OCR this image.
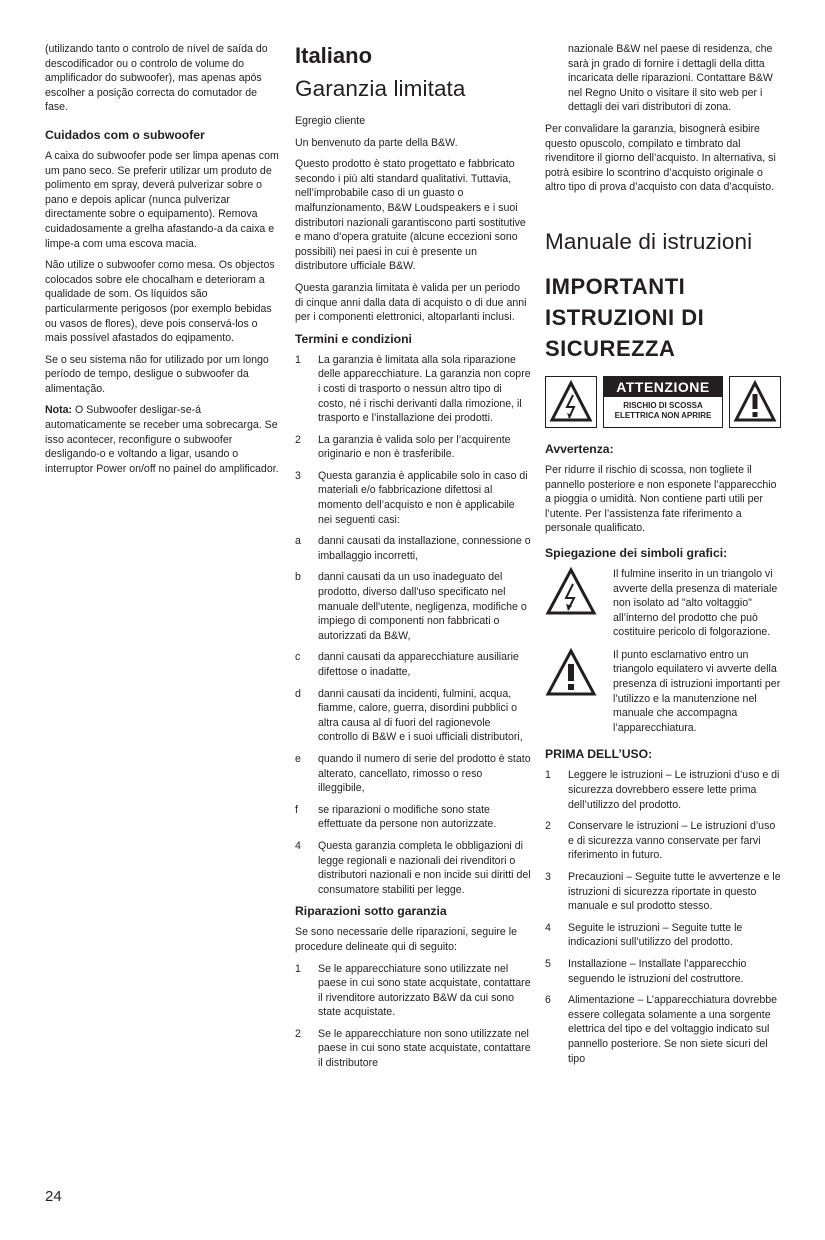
(utilizando tanto o controlo de nível de saída do descodificador ou o controlo de volume do amplificador do subwoofer), mas apenas após escolher a posição correcta do comutador de fase.

Cuidados com o subwoofer

A caixa do subwoofer pode ser limpa apenas com um pano seco. Se preferir utilizar um produto de polimento em spray, deverá pulverizar sobre o pano e depois aplicar (nunca pulverizar directamente sobre o equipamento). Remova cuidadosamente a grelha afastando-a da caixa e limpe-a com uma escova macia.

Não utilize o subwoofer como mesa. Os objectos colocados sobre ele chocalham e deterioram a qualidade de som. Os líquidos são particularmente perigosos (por exemplo bebidas ou vasos de flores), deve pois conservá-los o mais possível afastados do eqipamento.

Se o seu sistema não for utilizado por um longo período de tempo, desligue o subwoofer da alimentação.

Nota: O Subwoofer desligar-se-á automaticamente se receber uma sobrecarga. Se isso acontecer, reconfigure o subwoofer desligando-o e voltando a ligar, usando o interruptor Power on/off no painel do amplificador.

Italiano
Garanzia limitata

Egregio cliente

Un benvenuto da parte della B&W.

Questo prodotto è stato progettato e fabbricato secondo i più alti standard qualitativi. Tuttavia, nell’improbabile caso di un guasto o malfunzionamento, B&W Loudspeakers e i suoi distributori nazionali garantiscono parti sostitutive e mano d’opera gratuite (alcune eccezioni sono possibili) nei paesi in cui è presente un distributore ufficiale B&W.

Questa garanzia limitata è valida per un periodo di cinque anni dalla data di acquisto o di due anni per i componenti elettronici, altoparlanti inclusi.

Termini e condizioni
1	La garanzia è limitata alla sola riparazione delle apparecchiature. La garanzia non copre i costi di trasporto o nessun altro tipo di costo, né i rischi derivanti dalla rimozione, il trasporto e l’installazione dei prodotti.
2	La garanzia è valida solo per l’acquirente originario e non è trasferibile.
3	Questa garanzia è applicabile solo in caso di materiali e/o fabbricazione difettosi al momento dell’acquisto e non è applicabile nei seguenti casi:
a	danni causati da installazione, connessione o imballaggio incorretti,
b	danni causati da un uso inadeguato del prodotto, diverso dall'uso specificato nel manuale dell'utente, negligenza, modifiche o impiego di componenti non fabbricati o autorizzati da B&W,
c	danni causati da apparecchiature ausiliarie difettose o inadatte,
d	danni causati da incidenti, fulmini, acqua, fiamme, calore, guerra, disordini pubblici o altra causa al di fuori del ragionevole controllo di B&W e i suoi ufficiali distributori,
e	quando il numero di serie del prodotto è stato alterato, cancellato, rimosso o reso illeggibile,
f	se riparazioni o modifiche sono state effettuate da persone non autorizzate.
4	Questa garanzia completa le obbligazioni di legge regionali e nazionali dei rivenditori o distributori nazionali e non incide sui diritti del consumatore stabiliti per legge.
Riparazioni sotto garanzia

Se sono necessarie delle riparazioni, seguire le procedure delineate qui di seguito:

1	Se le apparecchiature sono utilizzate nel paese in cui sono state acquistate, contattare il rivenditore autorizzato B&W da cui sono state acquistate.
2	Se le apparecchiature non sono utilizzate nel paese in cui sono state acquistate, contattare il distributore
nazionale B&W nel paese di residenza, che sarà jn grado di fornire i dettagli della ditta incaricata delle riparazioni. Contattare B&W nel Regno Unito o visitare il sito web per i dettagli dei vari distributori di zona.

Per convalidare la garanzia, bisognerà esibire questo opuscolo, compilato e timbrato dal rivenditore il giorno dell’acquisto. In alternativa, si potrà esibire lo scontrino d’acquisto originale o altro tipo di prova d’acquisto con data d’acquisto.

Manuale di istruzioni
IMPORTANTI ISTRUZIONI DI SICUREZZA
ATTENZIONE
RISCHIO DI SCOSSA ELETTRICA NON APRIRE
Avvertenza:

Per ridurre il rischio di scossa, non togliete il pannello posteriore e non esponete l’apparecchio a pioggia o umidità. Non contiene parti utili per l’utente. Per l’assistenza fate riferimento a personale qualificato.

Spiegazione dei simboli grafici:

Il fulmine inserito in un triangolo vi avverte della presenza di materiale non isolato ad "alto voltaggio" all’interno del prodotto che può costituire pericolo di folgorazione.

Il punto esclamativo entro un triangolo equilatero vi avverte della presenza di istruzioni importanti per l’utilizzo e la manutenzione nel manuale che accompagna l’apparecchiatura.

PRIMA DELL’USO:
1	Leggere le istruzioni – Le istruzioni d’uso e di sicurezza dovrebbero essere lette prima dell’utilizzo del prodotto.
2	Conservare le istruzioni – Le istruzioni d’uso e di sicurezza vanno conservate per farvi riferimento in futuro.
3	Precauzioni – Seguite tutte le avvertenze e le istruzioni di sicurezza riportate in questo manuale e sul prodotto stesso.
4	Seguite le istruzioni – Seguite tutte le indicazioni sull’utilizzo del prodotto.
5	Installazione – Installate l’apparecchio seguendo le istruzioni del costruttore.
6	Alimentazione – L’apparecchiatura dovrebbe essere collegata solamente a una sorgente elettrica del tipo e del voltaggio indicato sul pannello posteriore. Se non siete sicuri del tipo
24
